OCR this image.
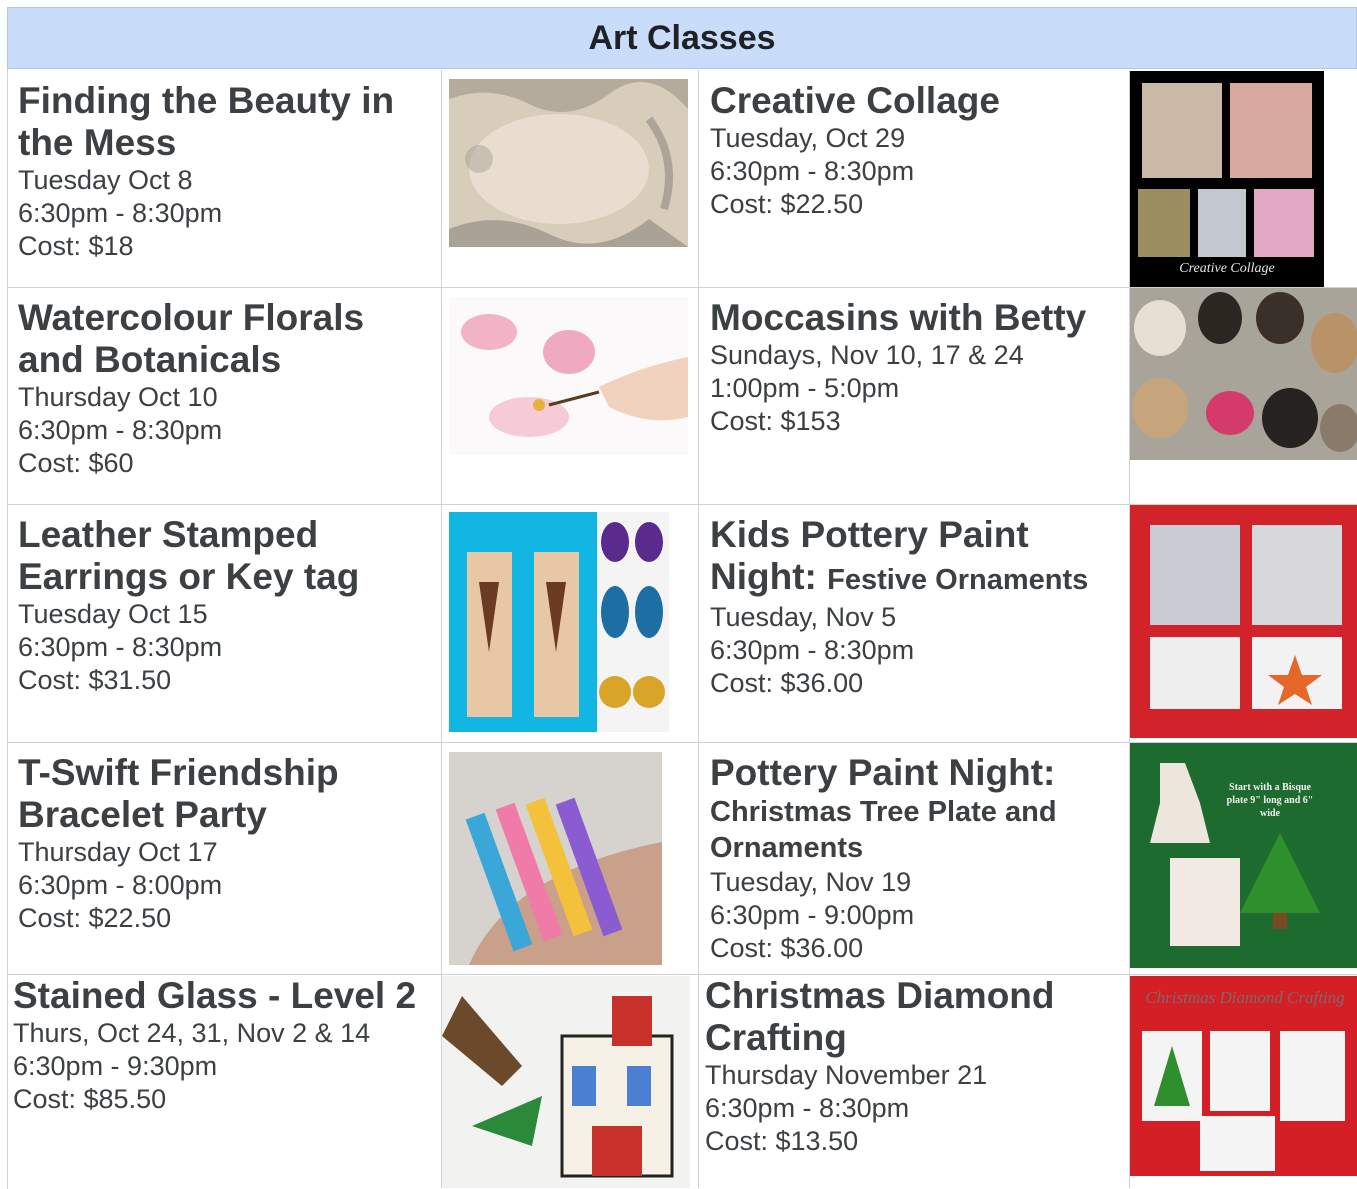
Art Classes
Finding the Beauty in the Mess
Tuesday Oct 8
6:30pm - 8:30pm
Cost: $18
Creative Collage
Tuesday, Oct 29
6:30pm - 8:30pm
Cost: $22.50
Creative Collage
Watercolour Florals and Botanicals
Thursday Oct 10
6:30pm - 8:30pm
Cost: $60
Moccasins with Betty
Sundays, Nov 10, 17 & 24
1:00pm - 5:0pm
Cost: $153
Leather Stamped Earrings or Key tag
Tuesday Oct 15
6:30pm - 8:30pm
Cost: $31.50
Kids Pottery Paint Night: Festive Ornaments
Tuesday, Nov 5
6:30pm - 8:30pm
Cost: $36.00
T-Swift Friendship Bracelet Party
Thursday Oct 17
6:30pm - 8:00pm
Cost: $22.50
Pottery Paint Night:
Christmas Tree Plate and Ornaments
Tuesday, Nov 19
6:30pm - 9:00pm
Cost: $36.00
Start with a Bisque plate 9" long and 6" wide
Stained Glass - Level 2
Thurs, Oct 24, 31, Nov 2 & 14
6:30pm - 9:30pm
Cost: $85.50
Christmas Diamond Crafting
Thursday November 21
6:30pm - 8:30pm
Cost: $13.50
Christmas Diamond Crafting
